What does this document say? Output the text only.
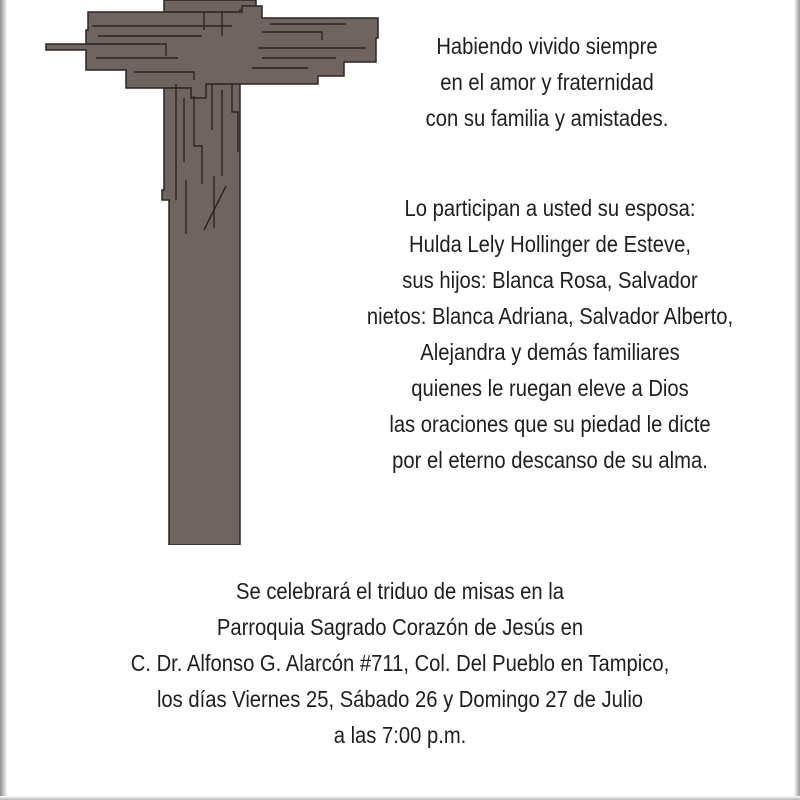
Habiendo vivido siempre
en el amor y fraternidad
con su familia y amistades.
Lo participan a usted su esposa:
Hulda Lely Hollinger de Esteve,
sus hijos: Blanca Rosa, Salvador
nietos: Blanca Adriana, Salvador Alberto,
Alejandra y demás familiares
quienes le ruegan eleve a Dios
las oraciones que su piedad le dicte
por el eterno descanso de su alma.
Se celebrará el triduo de misas en la
Parroquia Sagrado Corazón de Jesús en
C. Dr. Alfonso G. Alarcón #711, Col. Del Pueblo en Tampico,
los días Viernes 25, Sábado 26 y Domingo 27 de Julio
a las 7:00 p.m.
